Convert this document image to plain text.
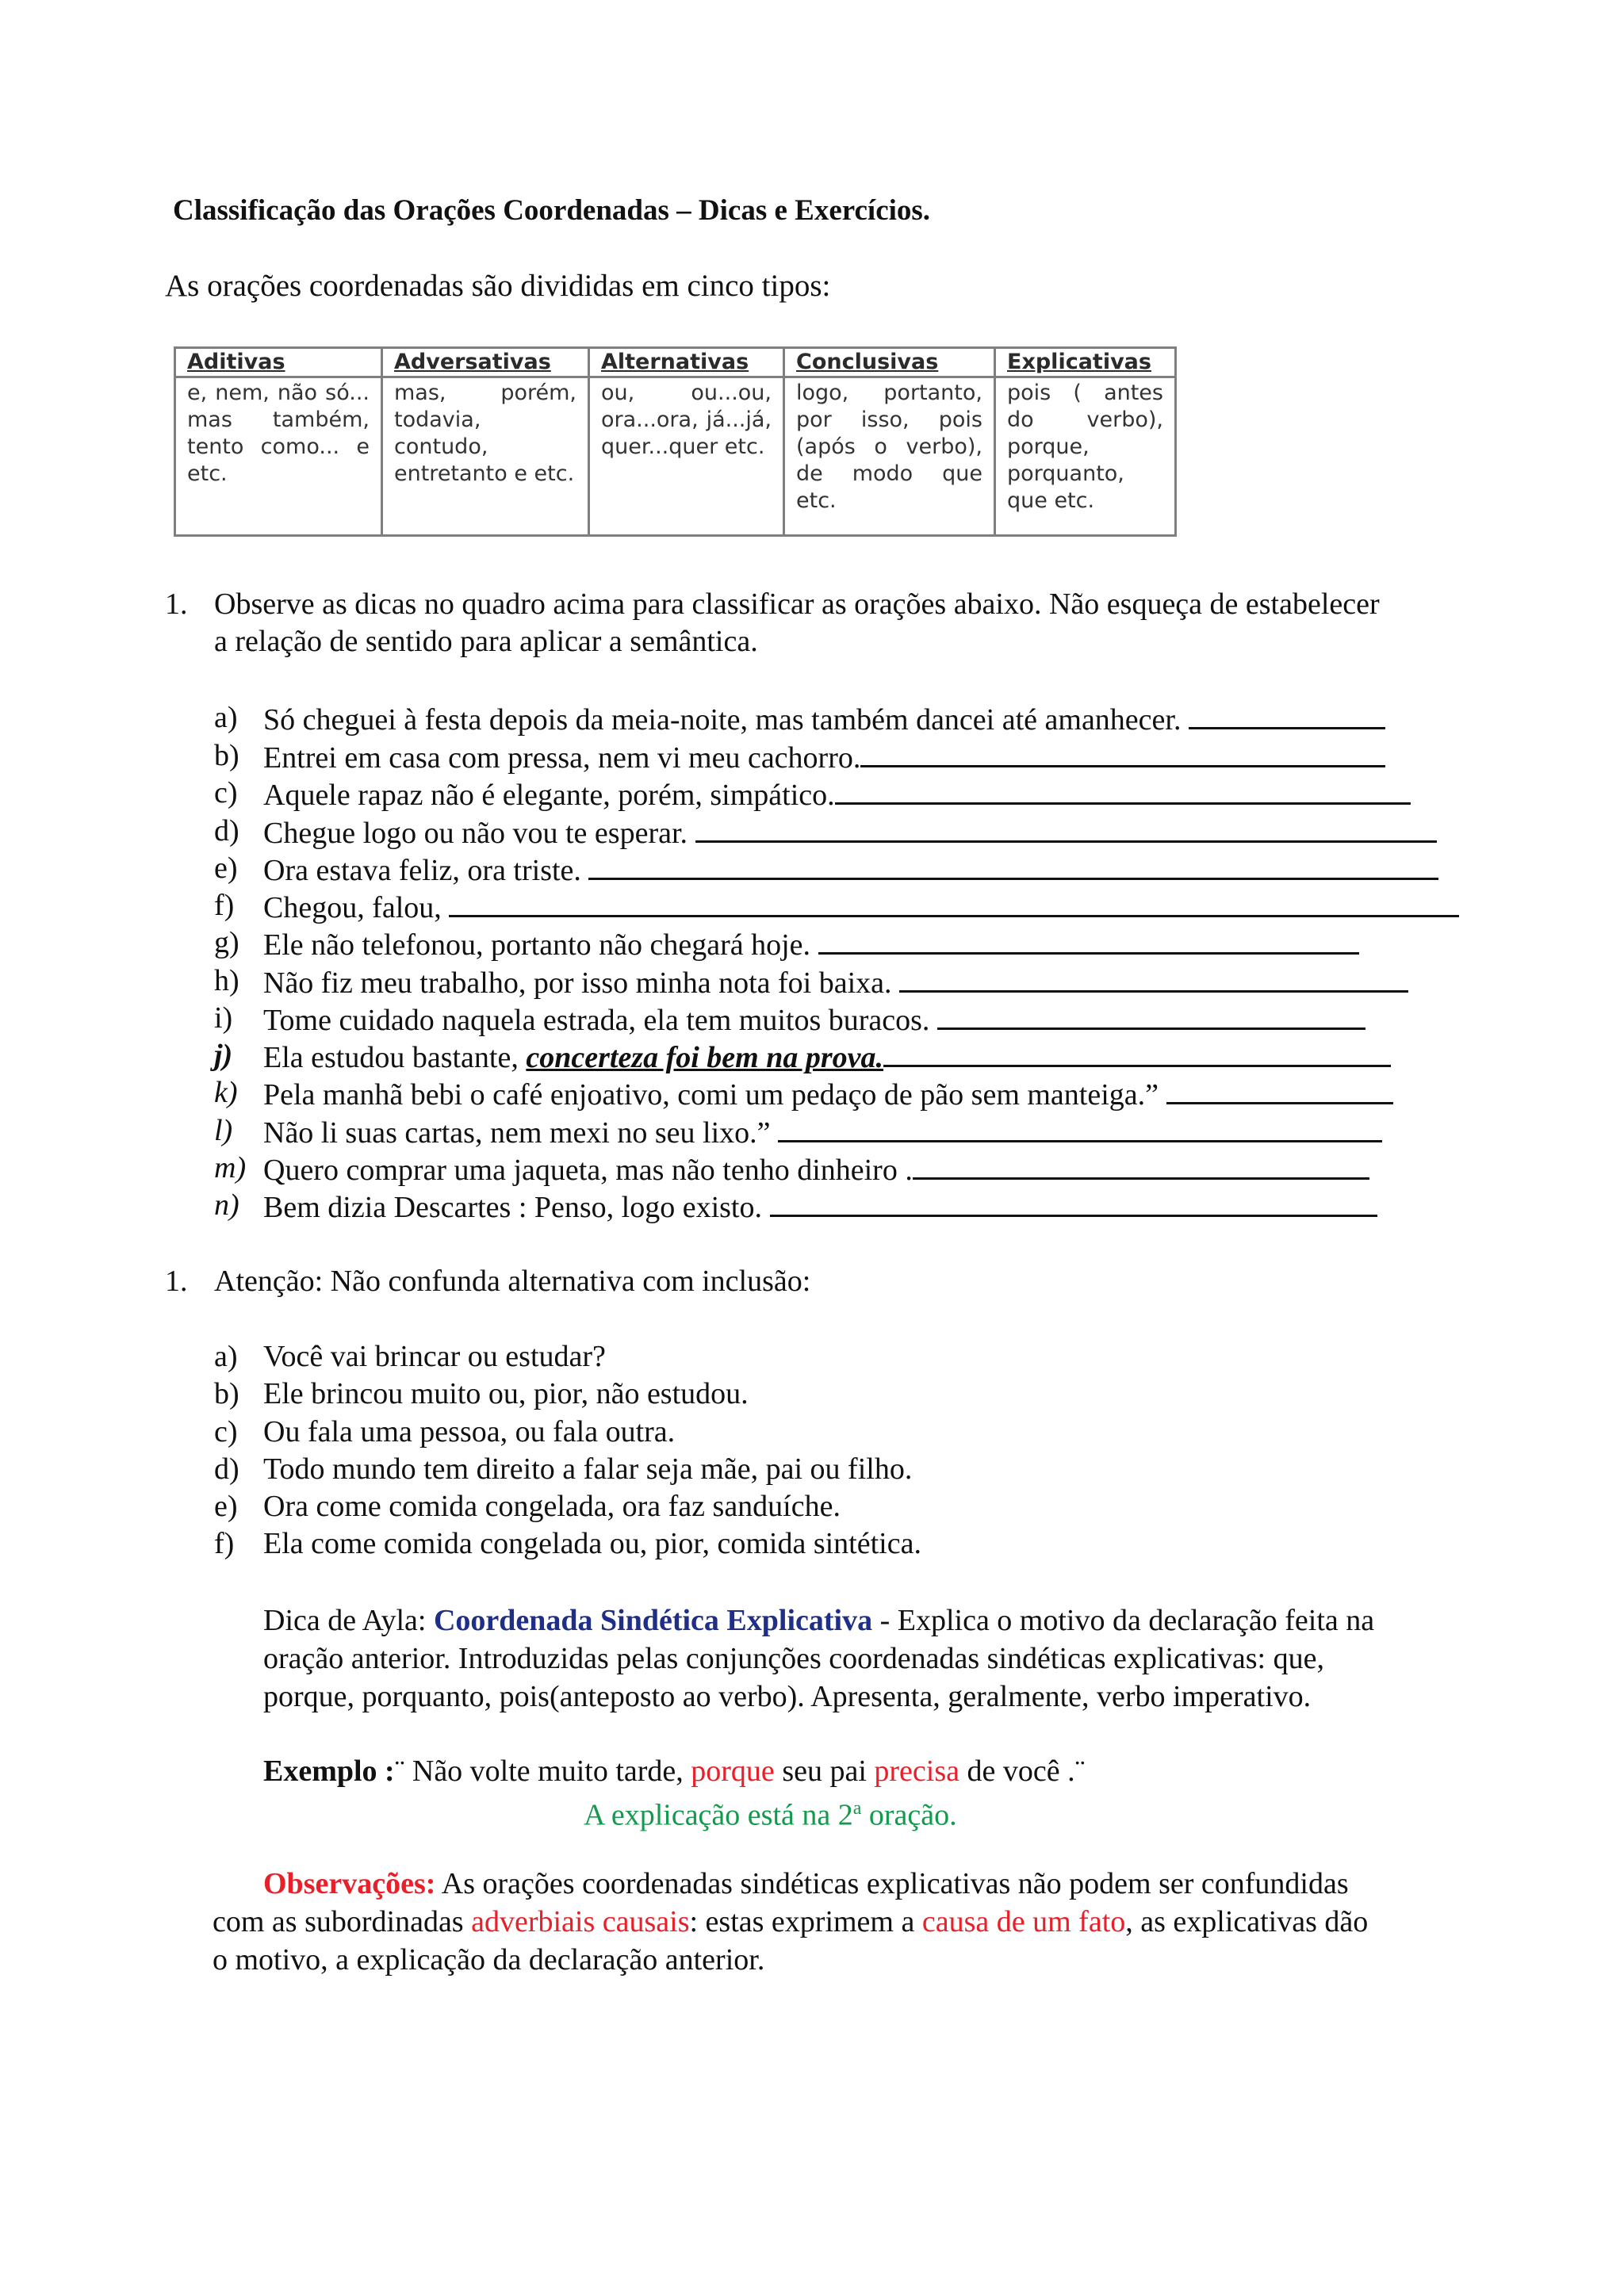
Classificação das Orações Coordenadas – Dicas e Exercícios.
As orações coordenadas são divididas em cinco tipos:
Aditivas	Adversativas	Alternativas	Conclusivas	Explicativas
e, nem, não só... mas também, tento como... e etc.	mas, porém, todavia, contudo, entretanto e etc.	ou, ou...ou, ora...ora, já...já, quer...quer etc.	logo, portanto, por isso, pois (após o verbo), de modo que etc.	pois ( antes do verbo), porque, porquanto, que etc.
1. Observe as dicas no quadro acima para classificar as orações abaixo. Não esqueça de estabelecer
a relação de sentido para aplicar a semântica.
a) Só cheguei à festa depois da meia-noite, mas também dancei até amanhecer.
b) Entrei em casa com pressa, nem vi meu cachorro.
c) Aquele rapaz não é elegante, porém, simpático.
d) Chegue logo ou não vou te esperar.
e) Ora estava feliz, ora triste.
f) Chegou, falou,
g) Ele não telefonou, portanto não chegará hoje.
h) Não fiz meu trabalho, por isso minha nota foi baixa.
i)	Tome cuidado naquela estrada, ela tem muitos buracos.
j)	Ela estudou bastante, concerteza foi bem na prova.
k) Pela manhã bebi o café enjoativo, comi um pedaço de pão sem manteiga.”
l)	Não li suas cartas, nem mexi no seu lixo.”
m) Quero comprar uma jaqueta, mas não tenho dinheiro .
n) Bem dizia Descartes : Penso, logo existo.
1. Atenção: Não confunda alternativa com inclusão:
a) Você vai brincar ou estudar?
b) Ele brincou muito ou, pior, não estudou.
c) Ou fala uma pessoa, ou fala outra.
d) Todo mundo tem direito a falar seja mãe, pai ou filho.
e) Ora come comida congelada, ora faz sanduíche.
f) Ela come comida congelada ou, pior, comida sintética.
Dica de Ayla: Coordenada Sindética Explicativa - Explica o motivo da declaração feita na
oração anterior. Introduzidas pelas conjunções coordenadas sindéticas explicativas: que,
porque, porquanto, pois(anteposto ao verbo). Apresenta, geralmente, verbo imperativo.
Exemplo :¨ Não volte muito tarde, porque seu pai precisa de você .¨
A explicação está na 2$^a$ oração.
Observações: As orações coordenadas sindéticas explicativas não podem ser confundidas
com as subordinadas adverbiais causais: estas exprimem a causa de um fato, as explicativas dão
o motivo, a explicação da declaração anterior.
